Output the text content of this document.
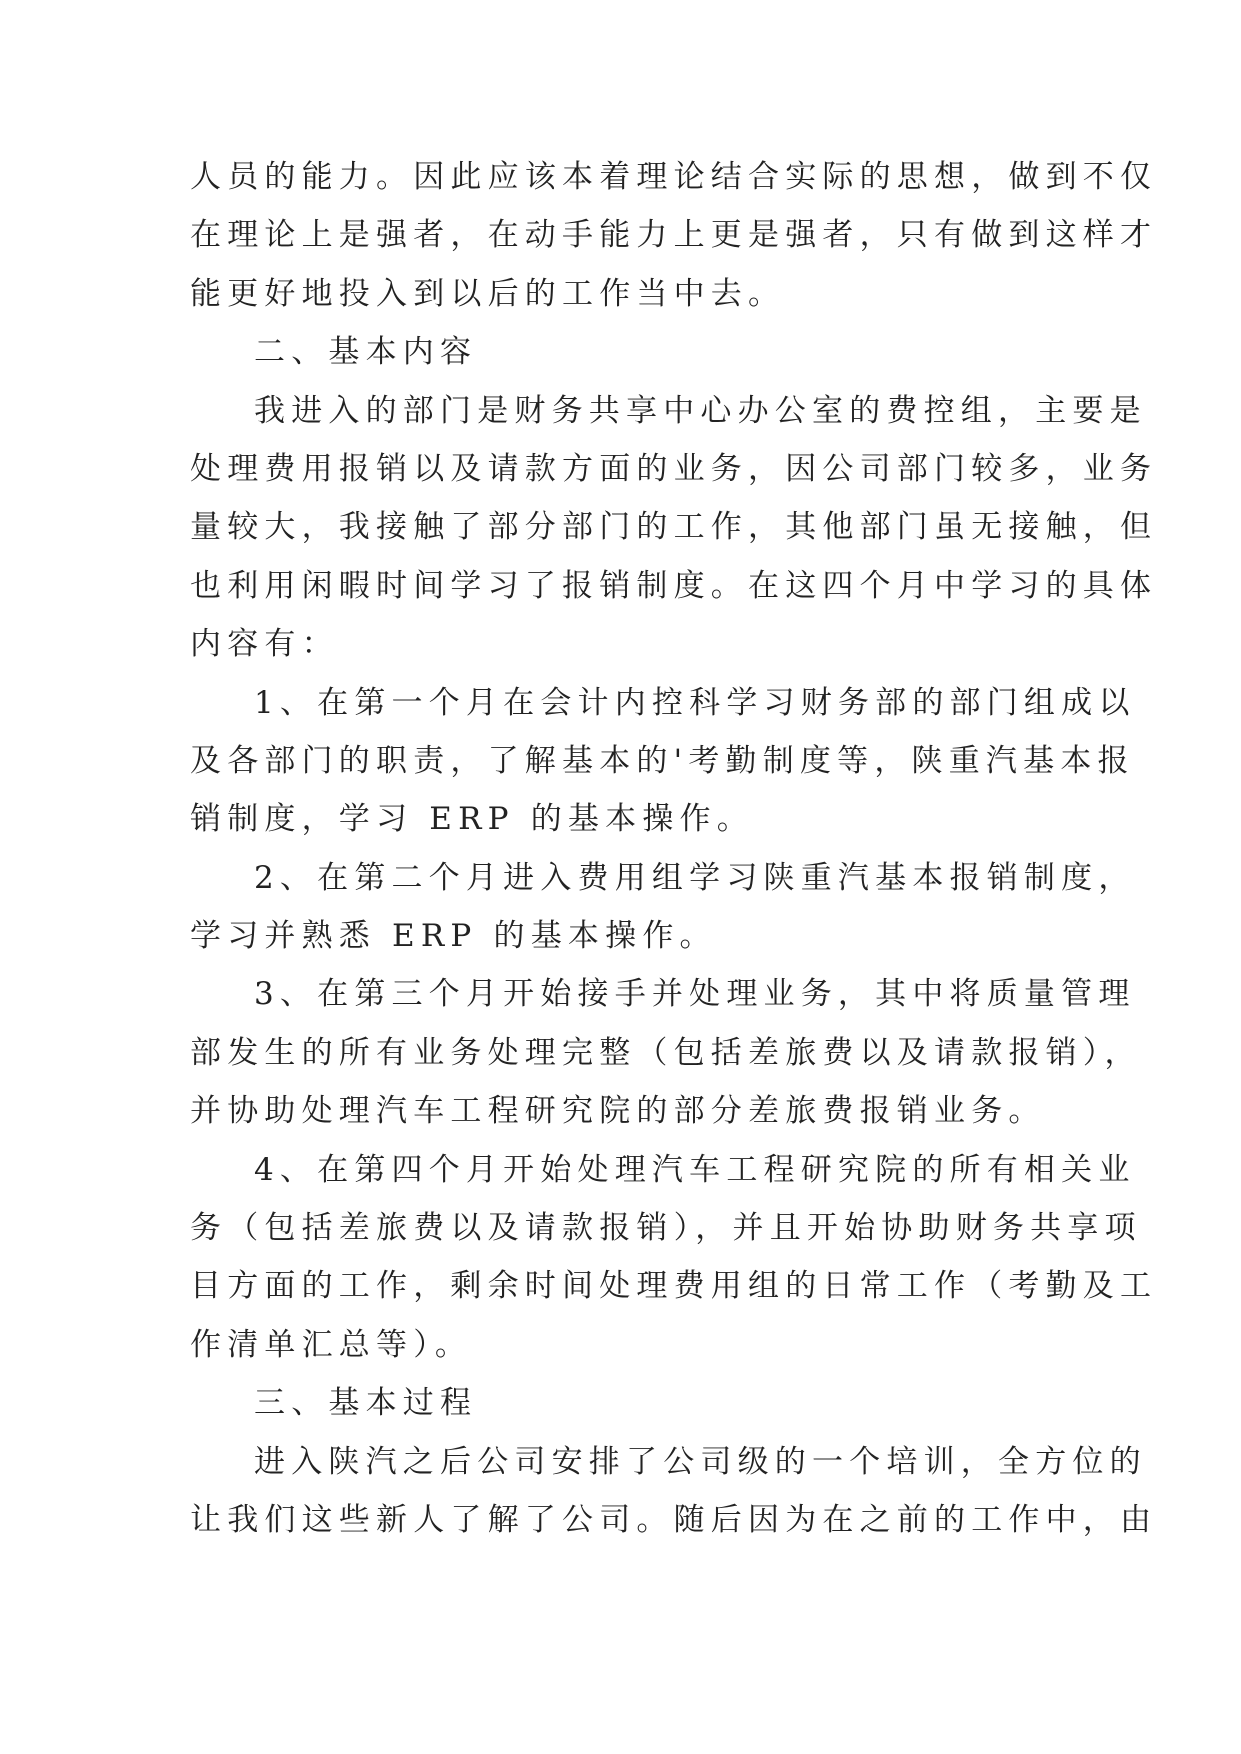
人员的能力。因此应该本着理论结合实际的思想，做到不仅
在理论上是强者，在动手能力上更是强者，只有做到这样才
能更好地投入到以后的工作当中去。
二、基本内容
我进入的部门是财务共享中心办公室的费控组，主要是
处理费用报销以及请款方面的业务，因公司部门较多，业务
量较大，我接触了部分部门的工作，其他部门虽无接触，但
也利用闲暇时间学习了报销制度。在这四个月中学习的具体
内容有：
1、在第一个月在会计内控科学习财务部的部门组成以
及各部门的职责，了解基本的'考勤制度等，陕重汽基本报
销制度，学习 ERP 的基本操作。
2、在第二个月进入费用组学习陕重汽基本报销制度，
学习并熟悉 ERP 的基本操作。
3、在第三个月开始接手并处理业务，其中将质量管理
部发生的所有业务处理完整（包括差旅费以及请款报销），
并协助处理汽车工程研究院的部分差旅费报销业务。
4、在第四个月开始处理汽车工程研究院的所有相关业
务（包括差旅费以及请款报销），并且开始协助财务共享项
目方面的工作，剩余时间处理费用组的日常工作（考勤及工
作清单汇总等）。
三、基本过程
进入陕汽之后公司安排了公司级的一个培训，全方位的
让我们这些新人了解了公司。随后因为在之前的工作中，由
